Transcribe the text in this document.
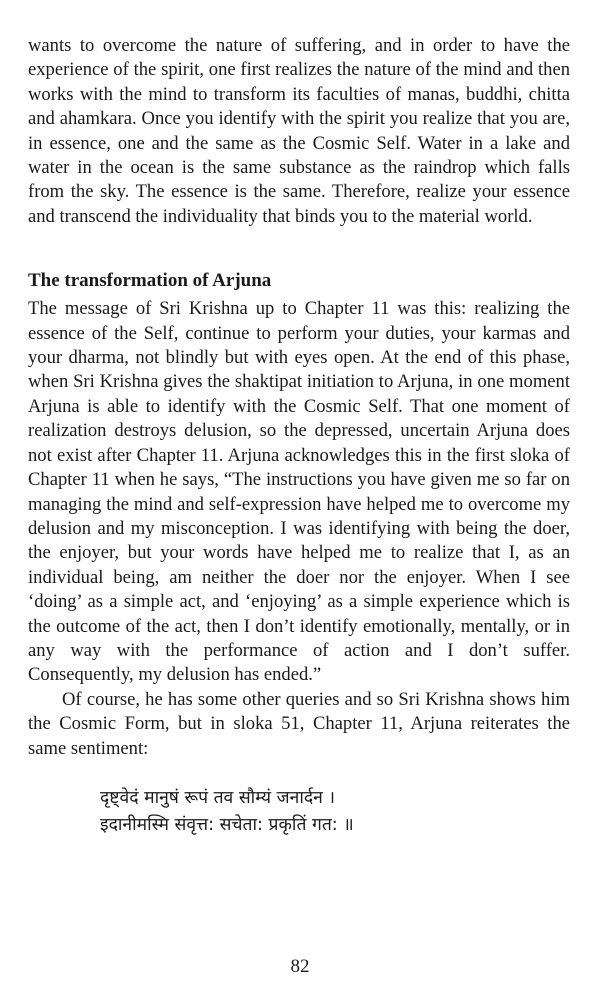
wants to overcome the nature of suffering, and in order to have the experience of the spirit, one first realizes the nature of the mind and then works with the mind to transform its faculties of manas, buddhi, chitta and ahamkara. Once you identify with the spirit you realize that you are, in essence, one and the same as the Cosmic Self. Water in a lake and water in the ocean is the same substance as the raindrop which falls from the sky. The essence is the same. Therefore, realize your essence and transcend the individuality that binds you to the material world.

The transformation of Arjuna

The message of Sri Krishna up to Chapter 11 was this: realizing the essence of the Self, continue to perform your duties, your karmas and your dharma, not blindly but with eyes open. At the end of this phase, when Sri Krishna gives the shaktipat initiation to Arjuna, in one moment Arjuna is able to identify with the Cosmic Self. That one moment of realization destroys delusion, so the depressed, uncertain Arjuna does not exist after Chapter 11. Arjuna acknowledges this in the first sloka of Chapter 11 when he says, “The instructions you have given me so far on managing the mind and self-expression have helped me to overcome my delusion and my misconception. I was identifying with being the doer, the enjoyer, but your words have helped me to realize that I, as an individual being, am neither the doer nor the enjoyer. When I see ‘doing’ as a simple act, and ‘enjoying’ as a simple experience which is the outcome of the act, then I don’t identify emotionally, mentally, or in any way with the performance of action and I don’t suffer. Consequently, my delusion has ended.”

Of course, he has some other queries and so Sri Krishna shows him the Cosmic Form, but in sloka 51, Chapter 11, Arjuna reiterates the same sentiment:

दृष्ट्वेदं मानुषं रूपं तव सौम्यं जनार्दन ।
इदानीमस्मि संवृत्त: सचेता: प्रकृतिं गत: ॥
82
